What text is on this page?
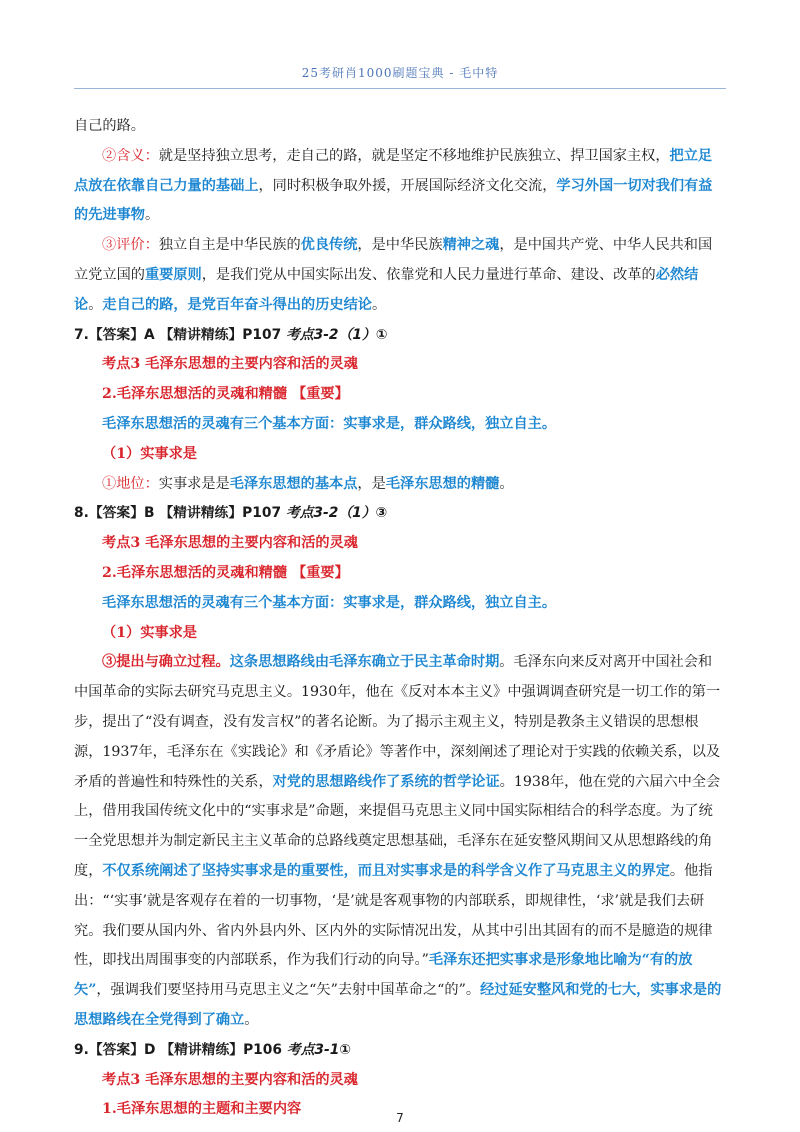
25考研肖1000刷题宝典 - 毛中特

自己的路。

②含义：就是坚持独立思考，走自己的路，就是坚定不移地维护民族独立、捍卫国家主权，把立足点放在依靠自己力量的基础上，同时积极争取外援，开展国际经济文化交流，学习外国一切对我们有益的先进事物。

③评价：独立自主是中华民族的优良传统，是中华民族精神之魂，是中国共产党、中华人民共和国立党立国的重要原则，是我们党从中国实际出发、依靠党和人民力量进行革命、建设、改革的必然结论。走自己的路，是党百年奋斗得出的历史结论。

7.【答案】A 【精讲精练】P107 考点3-2（1）①

考点3 毛泽东思想的主要内容和活的灵魂

2.毛泽东思想活的灵魂和精髓 【重要】

毛泽东思想活的灵魂有三个基本方面：实事求是，群众路线，独立自主。

（1）实事求是

①地位：实事求是是毛泽东思想的基本点，是毛泽东思想的精髓。

8.【答案】B 【精讲精练】P107 考点3-2（1）③

考点3 毛泽东思想的主要内容和活的灵魂

2.毛泽东思想活的灵魂和精髓 【重要】

毛泽东思想活的灵魂有三个基本方面：实事求是，群众路线，独立自主。

（1）实事求是

③提出与确立过程。这条思想路线由毛泽东确立于民主革命时期。毛泽东向来反对离开中国社会和中国革命的实际去研究马克思主义。1930年，他在《反对本本主义》中强调调查研究是一切工作的第一步，提出了“没有调查，没有发言权”的著名论断。为了揭示主观主义，特别是教条主义错误的思想根源，1937年，毛泽东在《实践论》和《矛盾论》等著作中，深刻阐述了理论对于实践的依赖关系，以及矛盾的普遍性和特殊性的关系，对党的思想路线作了系统的哲学论证。1938年，他在党的六届六中全会上，借用我国传统文化中的“实事求是”命题，来提倡马克思主义同中国实际相结合的科学态度。为了统一全党思想并为制定新民主主义革命的总路线奠定思想基础，毛泽东在延安整风期间又从思想路线的角度，不仅系统阐述了坚持实事求是的重要性，而且对实事求是的科学含义作了马克思主义的界定。他指出：“‘实事’就是客观存在着的一切事物，‘是’就是客观事物的内部联系，即规律性，‘求’就是我们去研究。我们要从国内外、省内外县内外、区内外的实际情况出发，从其中引出其固有的而不是臆造的规律性，即找出周围事变的内部联系，作为我们行动的向导。”毛泽东还把实事求是形象地比喻为“有的放矢”，强调我们要坚持用马克思主义之“矢”去射中国革命之“的”。经过延安整风和党的七大，实事求是的思想路线在全党得到了确立。

9.【答案】D 【精讲精练】P106 考点3-1①

考点3 毛泽东思想的主要内容和活的灵魂

1.毛泽东思想的主题和主要内容

7
